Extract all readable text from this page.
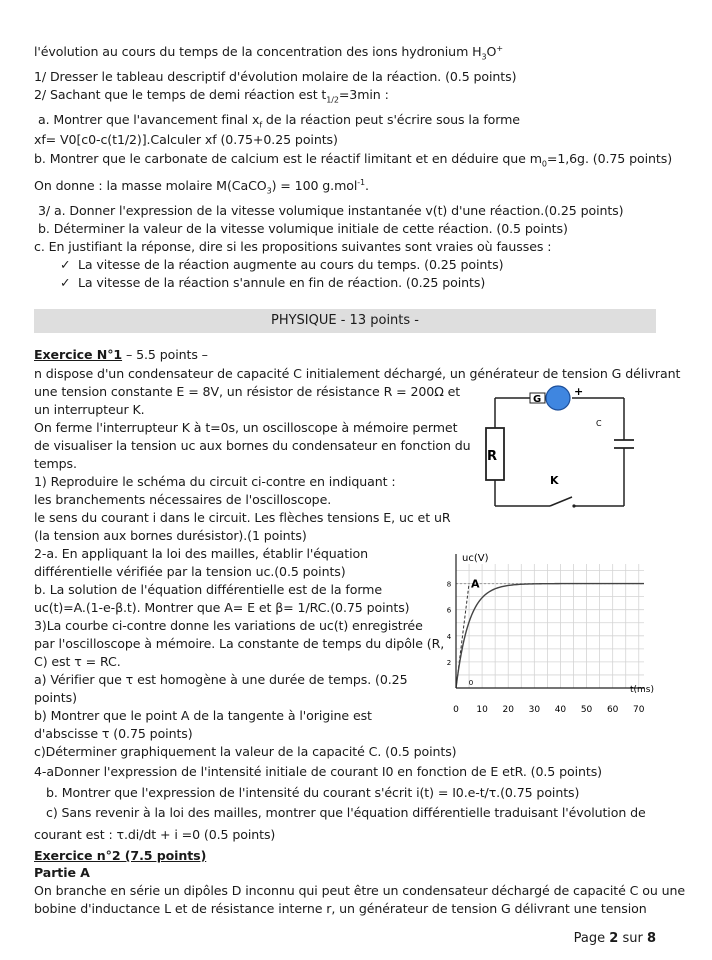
l'évolution au cours du temps de la concentration des ions hydronium $H_3O^+$
1/ Dresser le tableau descriptif d'évolution molaire de la réaction. (0.5 points)
2/ Sachant que le temps de demi réaction est $t_{1/2}=3\min$ :
a. Montrer que l'avancement final $x_f$ de la réaction peut s'écrire sous la forme
xf= V0[c0-c(t1/2)].Calculer xf (0.75+0.25 points)
b. Montrer que le carbonate de calcium est le réactif limitant et en déduire que $m_0=1,6g$. (0.75 points)
On donne : la masse molaire M(CaCO$_3$) = 100 g.mol$^{-1}$.
3/ a. Donner l'expression de la vitesse volumique instantanée v(t) d'une réaction.(0.25 points)
b. Déterminer la valeur de la vitesse volumique initiale de cette réaction. (0.5 points)
c. En justifiant la réponse, dire si les propositions suivantes sont vraies où fausses :
✓ La vitesse de la réaction augmente au cours du temps. (0.25 points)
✓ La vitesse de la réaction s'annule en fin de réaction. (0.25 points)
PHYSIQUE - 13 points -
Exercice N°1 – 5.5 points –
n dispose d'un condensateur de capacité C initialement déchargé, un générateur de tension G délivrant
une tension constante E = 8V, un résistor de résistance R = 200Ω et
un interrupteur K.
On ferme l'interrupteur K à t=0s, un oscilloscope à mémoire permet
de visualiser la tension uc aux bornes du condensateur en fonction du
temps.
1) Reproduire le schéma du circuit ci-contre en indiquant :
les branchements nécessaires de l'oscilloscope.
le sens du courant i dans le circuit. Les flèches tensions E, uc et uR
(la tension aux bornes durésistor).(1 points)
2-a. En appliquant la loi des mailles, établir l'équation
différentielle vérifiée par la tension uc.(0.5 points)
b. La solution de l'équation différentielle est de la forme
uc(t)=A.(1-e-β.t). Montrer que A= E et β= 1/RC.(0.75 points)
3)La courbe ci-contre donne les variations de uc(t) enregistrée
par l'oscilloscope à mémoire. La constante de temps du dipôle (R,
C) est τ = RC.
a) Vérifier que τ est homogène à une durée de temps. (0.25
points)
b) Montrer que le point A de la tangente à l'origine est
d'abscisse τ (0.75 points)
c)Déterminer graphiquement la valeur de la capacité C. (0.5 points)
4-aDonner l'expression de l'intensité initiale de courant I0 en fonction de E etR. (0.5 points)
b. Montrer que l'expression de l'intensité du courant s'écrit i(t) = I0.e-t/τ.(0.75 points)
c) Sans revenir à la loi des mailles, montrer que l'équation différentielle traduisant l'évolution de
courant est : τ.di/dt + i =0 (0.5 points)
Exercice n°2 (7.5 points)
Partie A
On branche en série un dipôles D inconnu qui peut être un condensateur déchargé de capacité C ou une
bobine d'inductance L et de résistance interne r, un générateur de tension G délivrant une tension
G
+
R
K
C
0 10 20 30 40 50 60 70
2
4
6
8
0
uc(V)
t(ms)
A
Page 2 sur 8
